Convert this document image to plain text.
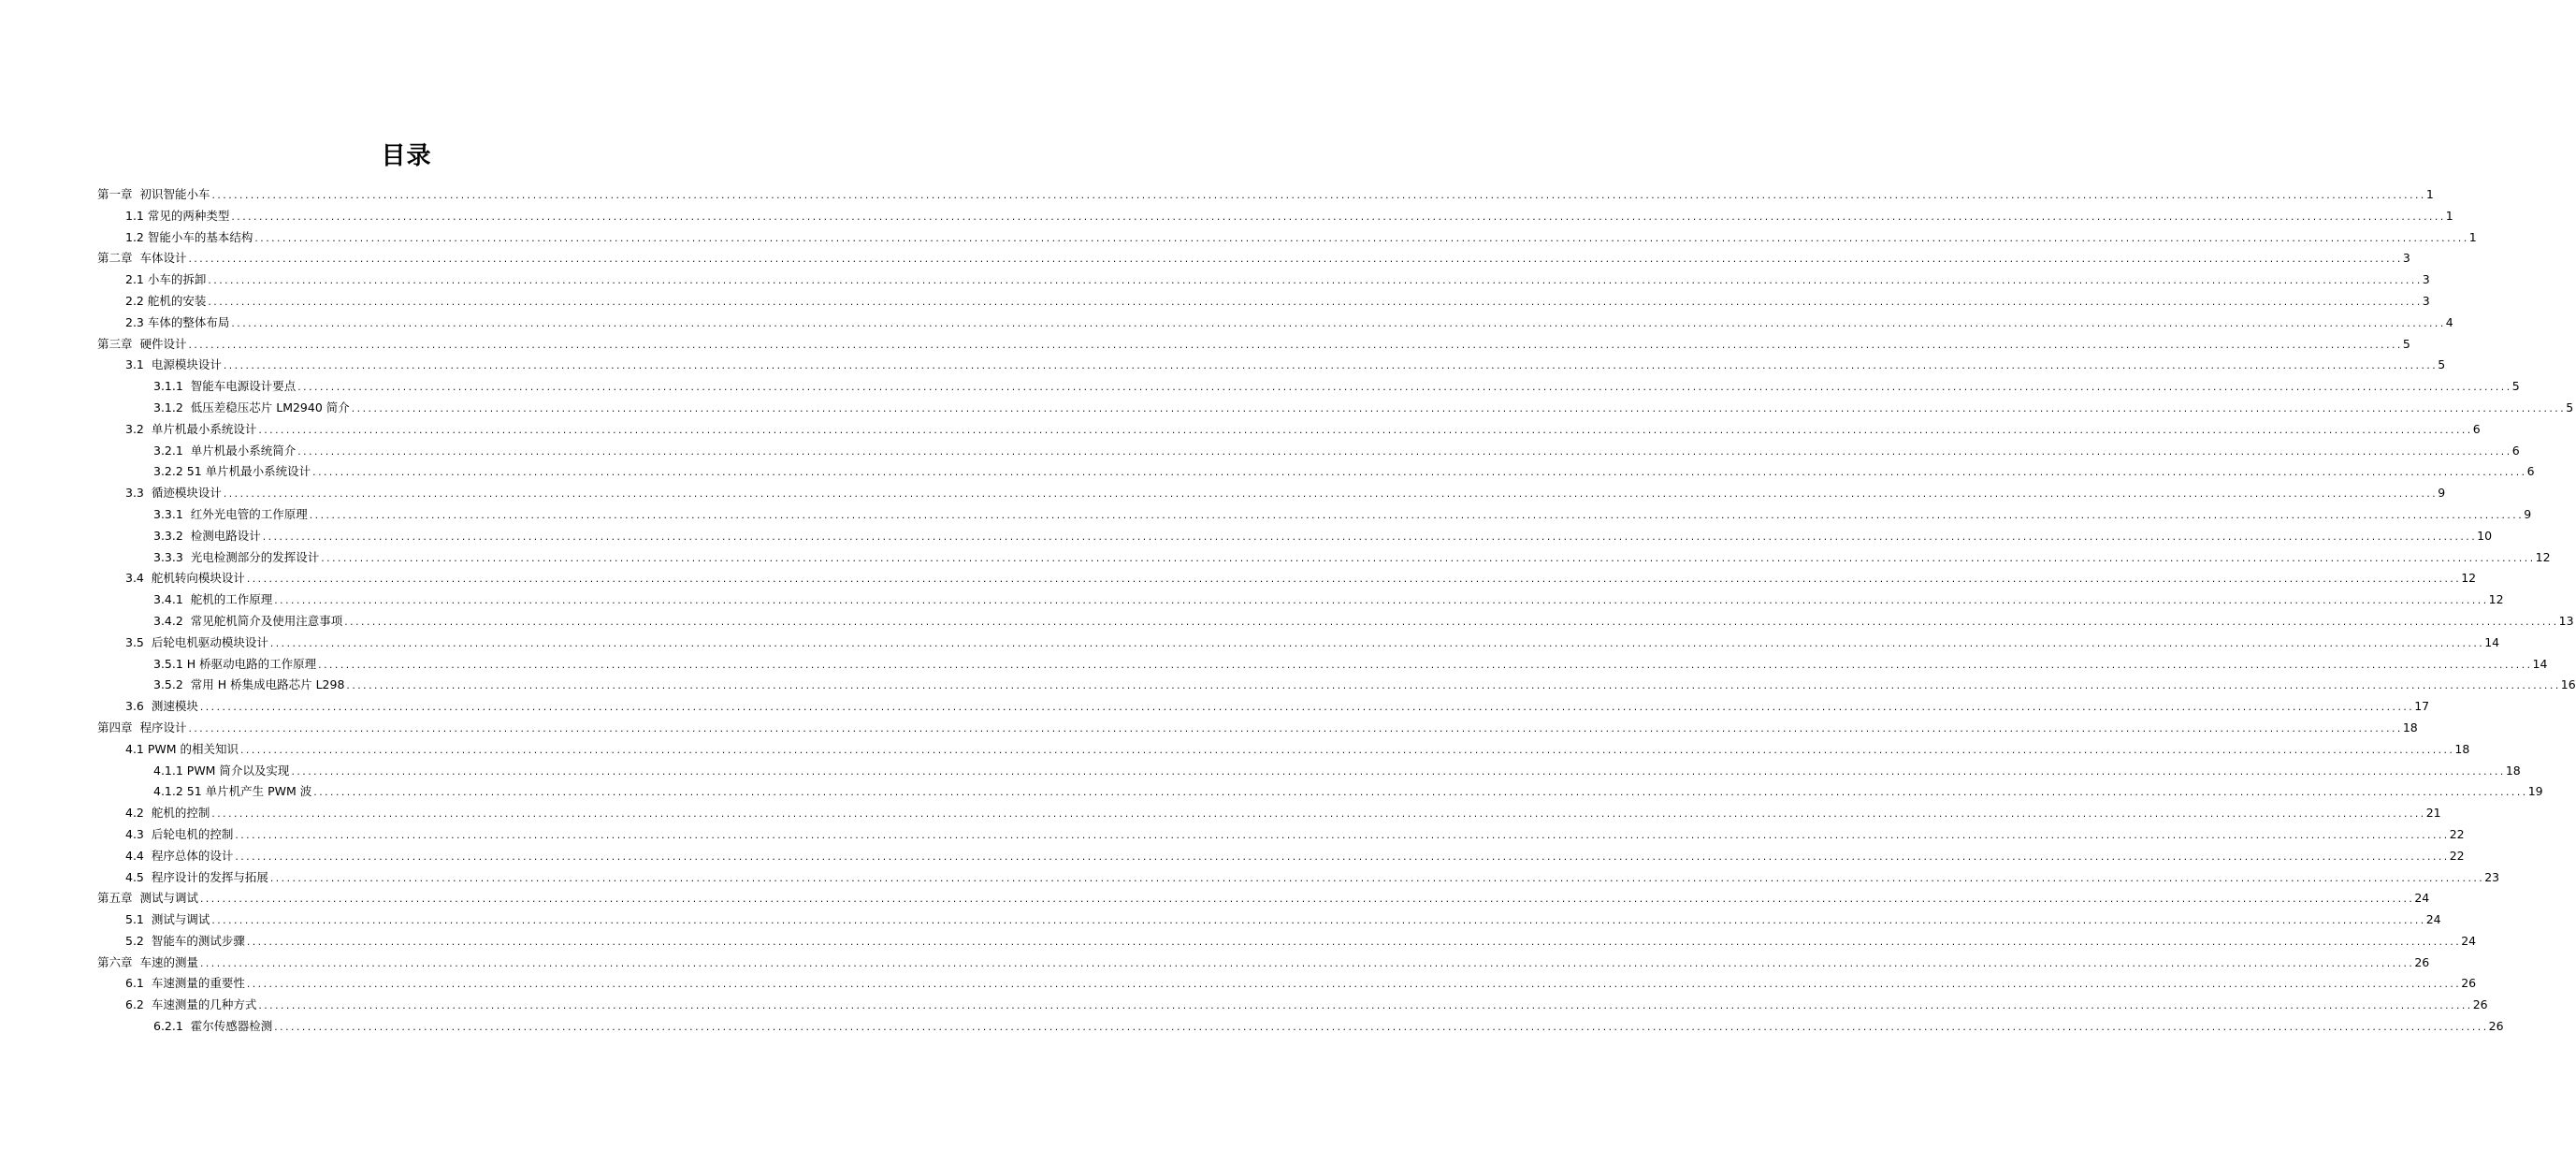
目录
第一章  初识智能小车 ................................................................................................................................................................................................................................................................................................................................................................................................................ 1
1.1 常见的两种类型 ................................................................................................................................................................................................................................................................................................................................................................................................................ 1
1.2 智能小车的基本结构 ................................................................................................................................................................................................................................................................................................................................................................................................................ 1
第二章  车体设计 ................................................................................................................................................................................................................................................................................................................................................................................................................ 3
2.1 小车的拆卸 ................................................................................................................................................................................................................................................................................................................................................................................................................ 3
2.2 舵机的安装 ................................................................................................................................................................................................................................................................................................................................................................................................................ 3
2.3 车体的整体布局 ................................................................................................................................................................................................................................................................................................................................................................................................................ 4
第三章  硬件设计 ................................................................................................................................................................................................................................................................................................................................................................................................................ 5
3.1  电源模块设计 ................................................................................................................................................................................................................................................................................................................................................................................................................ 5
3.1.1  智能车电源设计要点 ................................................................................................................................................................................................................................................................................................................................................................................................................ 5
3.1.2  低压差稳压芯片 LM2940 简介 ................................................................................................................................................................................................................................................................................................................................................................................................................ 5
3.2  单片机最小系统设计 ................................................................................................................................................................................................................................................................................................................................................................................................................ 6
3.2.1  单片机最小系统简介 ................................................................................................................................................................................................................................................................................................................................................................................................................ 6
3.2.2 51 单片机最小系统设计 ................................................................................................................................................................................................................................................................................................................................................................................................................ 6
3.3  循迹模块设计 ................................................................................................................................................................................................................................................................................................................................................................................................................ 9
3.3.1  红外光电管的工作原理 ................................................................................................................................................................................................................................................................................................................................................................................................................ 9
3.3.2  检测电路设计 ................................................................................................................................................................................................................................................................................................................................................................................................................ 10
3.3.3  光电检测部分的发挥设计 ................................................................................................................................................................................................................................................................................................................................................................................................................ 12
3.4  舵机转向模块设计 ................................................................................................................................................................................................................................................................................................................................................................................................................ 12
3.4.1  舵机的工作原理 ................................................................................................................................................................................................................................................................................................................................................................................................................ 12
3.4.2  常见舵机简介及使用注意事项 ................................................................................................................................................................................................................................................................................................................................................................................................................ 13
3.5  后轮电机驱动模块设计 ................................................................................................................................................................................................................................................................................................................................................................................................................ 14
3.5.1 H 桥驱动电路的工作原理 ................................................................................................................................................................................................................................................................................................................................................................................................................ 14
3.5.2  常用 H 桥集成电路芯片 L298 ................................................................................................................................................................................................................................................................................................................................................................................................................ 16
3.6  测速模块 ................................................................................................................................................................................................................................................................................................................................................................................................................ 17
第四章  程序设计 ................................................................................................................................................................................................................................................................................................................................................................................................................ 18
4.1 PWM 的相关知识 ................................................................................................................................................................................................................................................................................................................................................................................................................ 18
4.1.1 PWM 简介以及实现 ................................................................................................................................................................................................................................................................................................................................................................................................................ 18
4.1.2 51 单片机产生 PWM 波 ................................................................................................................................................................................................................................................................................................................................................................................................................ 19
4.2  舵机的控制 ................................................................................................................................................................................................................................................................................................................................................................................................................ 21
4.3  后轮电机的控制 ................................................................................................................................................................................................................................................................................................................................................................................................................ 22
4.4  程序总体的设计 ................................................................................................................................................................................................................................................................................................................................................................................................................ 22
4.5  程序设计的发挥与拓展 ................................................................................................................................................................................................................................................................................................................................................................................................................ 23
第五章  测试与调试 ................................................................................................................................................................................................................................................................................................................................................................................................................ 24
5.1  测试与调试 ................................................................................................................................................................................................................................................................................................................................................................................................................ 24
5.2  智能车的测试步骤 ................................................................................................................................................................................................................................................................................................................................................................................................................ 24
第六章  车速的测量 ................................................................................................................................................................................................................................................................................................................................................................................................................ 26
6.1  车速测量的重要性 ................................................................................................................................................................................................................................................................................................................................................................................................................ 26
6.2  车速测量的几种方式 ................................................................................................................................................................................................................................................................................................................................................................................................................ 26
6.2.1  霍尔传感器检测 ................................................................................................................................................................................................................................................................................................................................................................................................................ 26
